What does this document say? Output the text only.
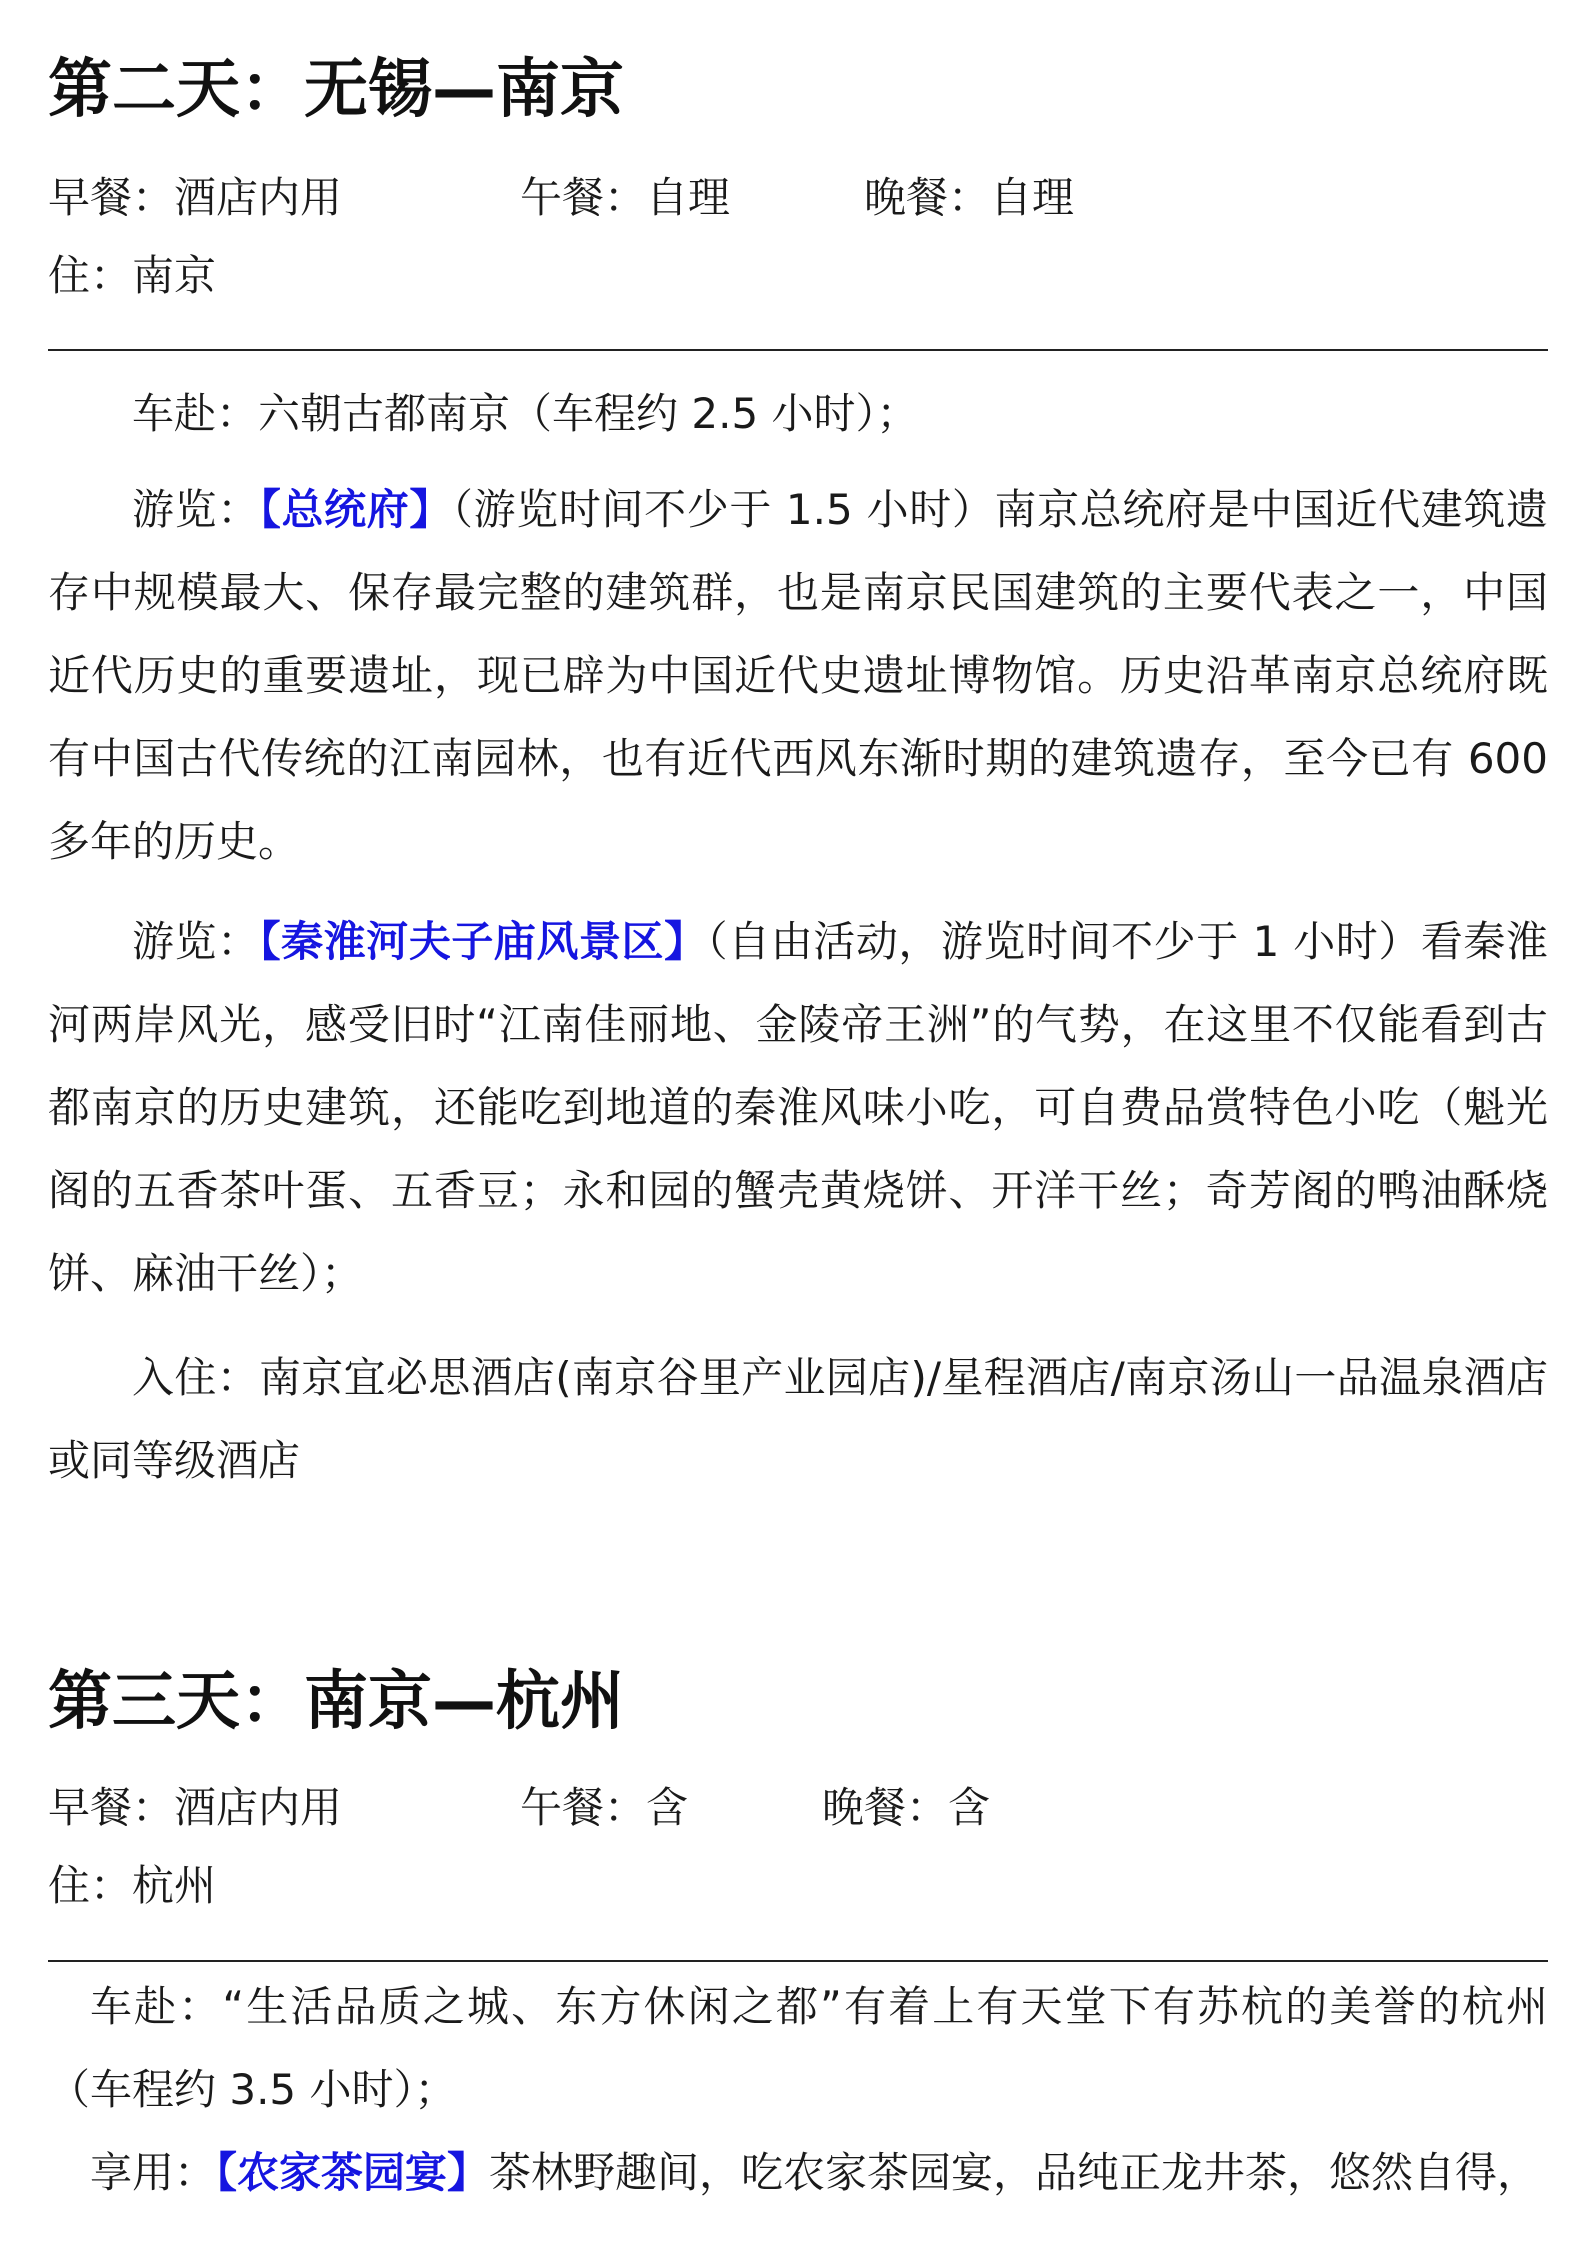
第二天：无锡—南京
早餐：酒店内用	午餐：自理	晚餐：自理
住：南京
车赴：六朝古都南京（车程约 2.5 小时）；
游览：【总统府】（游览时间不少于 1.5 小时）南京总统府是中国近代建筑遗存中规模最大、保存最完整的建筑群，也是南京民国建筑的主要代表之一，中国近代历史的重要遗址，现已辟为中国近代史遗址博物馆。历史沿革南京总统府既有中国古代传统的江南园林，也有近代西风东渐时期的建筑遗存，至今已有 600 多年的历史。
游览：【秦淮河夫子庙风景区】（自由活动，游览时间不少于 1 小时）看秦淮河两岸风光，感受旧时“江南佳丽地、金陵帝王洲”的气势，在这里不仅能看到古都南京的历史建筑，还能吃到地道的秦淮风味小吃，可自费品赏特色小吃（魁光阁的五香茶叶蛋、五香豆；永和园的蟹壳黄烧饼、开洋干丝；奇芳阁的鸭油酥烧饼、麻油干丝）；
入住：南京宜必思酒店(南京谷里产业园店)/星程酒店/南京汤山一品温泉酒店或同等级酒店
第三天：南京—杭州
早餐：酒店内用	午餐：含	晚餐：含
住：杭州
车赴：“生活品质之城、东方休闲之都”有着上有天堂下有苏杭的美誉的杭州（车程约 3.5 小时）；
享用：【农家茶园宴】茶林野趣间，吃农家茶园宴，品纯正龙井茶，悠然自得，
